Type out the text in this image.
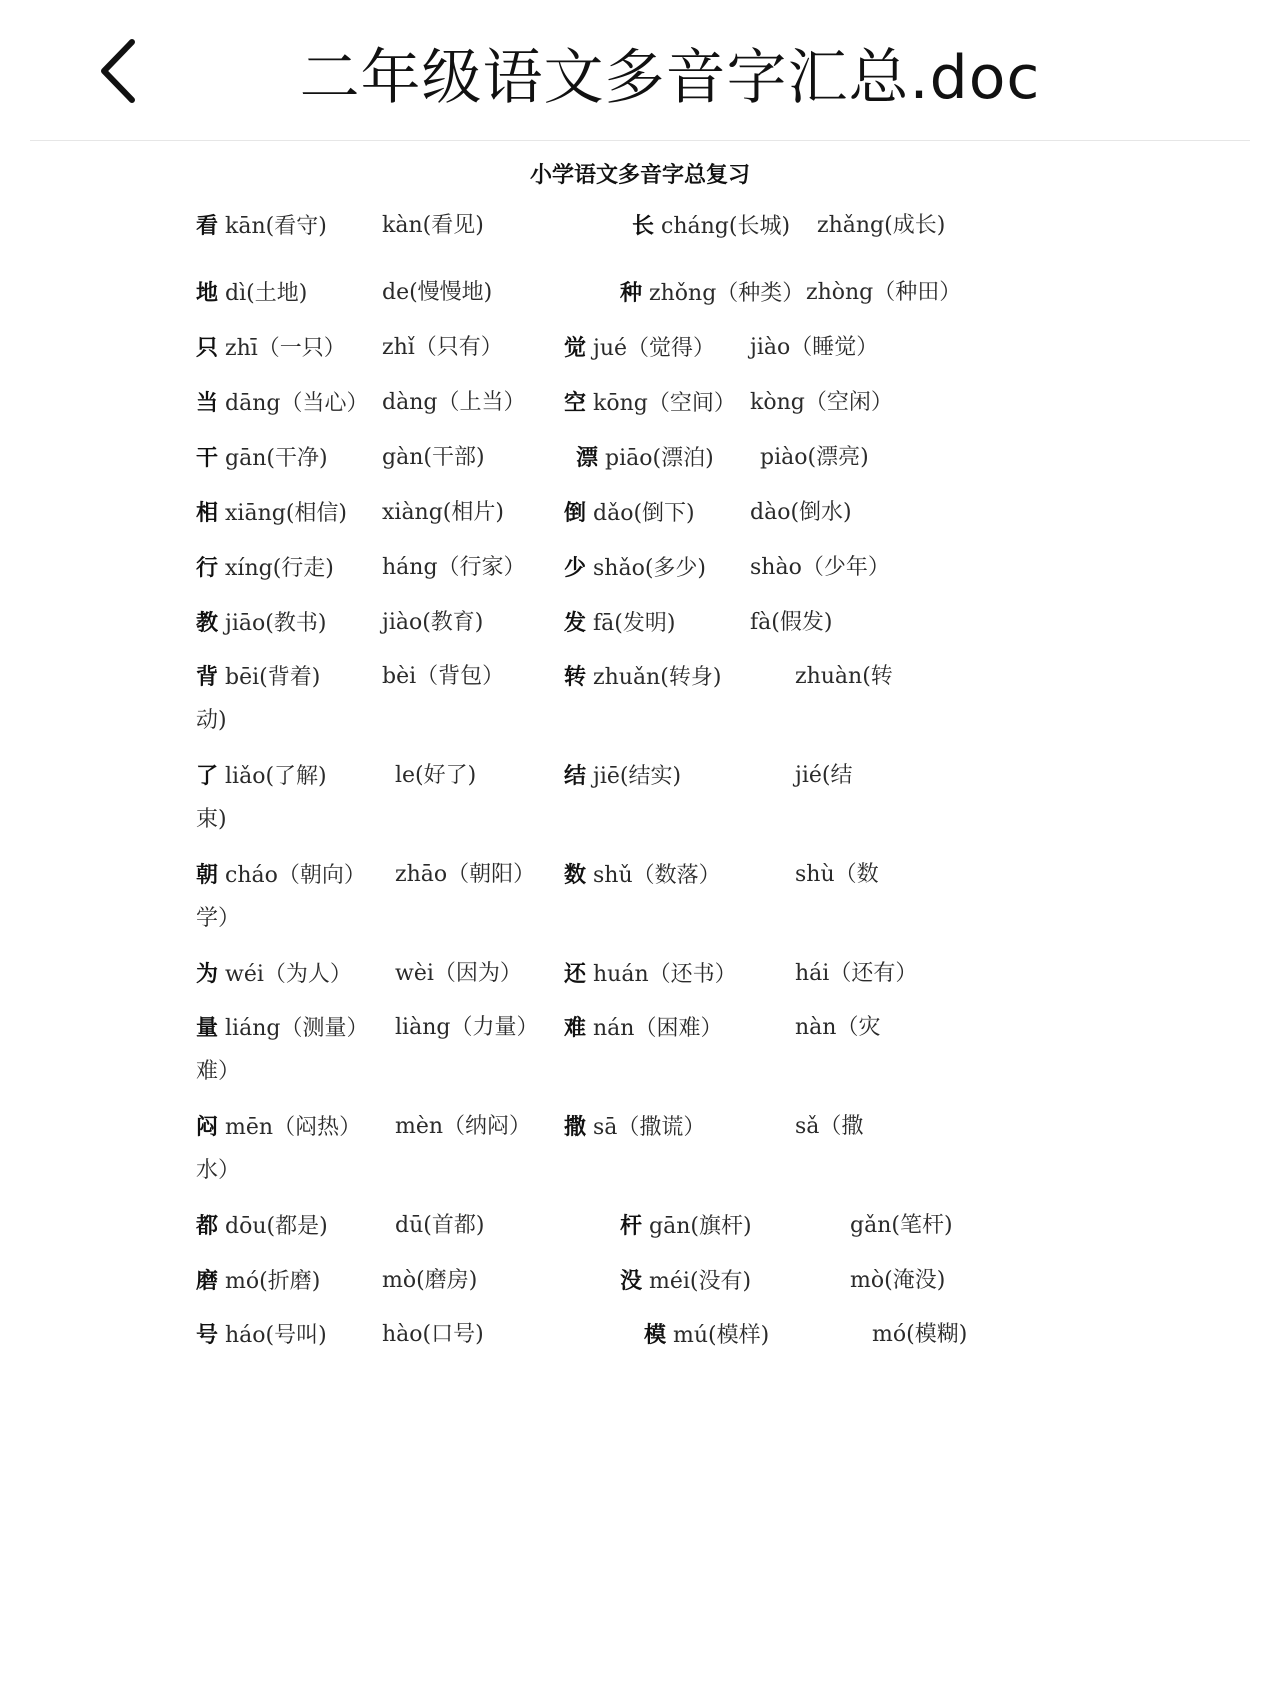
二年级语文多音字汇总.doc
小学语文多音字总复习
看 kān(看守)	kàn(看见)	长 cháng(长城) zhǎng(成长)
地 dì(土地)	de(慢慢地)	种 zhǒng（种类） zhòng（种田）
只 zhī（一只） zhǐ（只有）	觉 jué（觉得） jiào（睡觉）
当 dāng（当心） dàng（上当） 空 kōng（空间） kòng（空闲）
干 gān(干净) gàn(干部)	漂 piāo(漂泊) piào(漂亮)
相 xiāng(相信) xiàng(相片)	倒 dǎo(倒下)	dào(倒水)
行 xíng(行走) háng（行家） 少 shǎo(多少) shào（少年）
教 jiāo(教书)	jiào(教育)	发 fā(发明)	fà(假发)
背 bēi(背着)	bèi（背包）	转 zhuǎn(转身)	zhuàn(转
动)
了 liǎo(了解)	le(好了)	结 jiē(结实)	jié(结
束)
朝 cháo（朝向） zhāo（朝阳） 数 shǔ（数落）	shù（数
学）
为 wéi（为人） wèi（因为） 还 huán（还书）	hái（还有）
量 liáng（测量） liàng（力量） 难 nán（困难）	nàn（灾
难）
闷 mēn（闷热） mèn（纳闷） 撒 sā（撒谎）	sǎ（撒
水）
都 dōu(都是)	dū(首都)	杆 gān(旗杆)	gǎn(笔杆)
磨 mó(折磨)	mò(磨房)	没 méi(没有)	mò(淹没)
号 háo(号叫)	hào(口号)	模 mú(模样)	mó(模糊)
